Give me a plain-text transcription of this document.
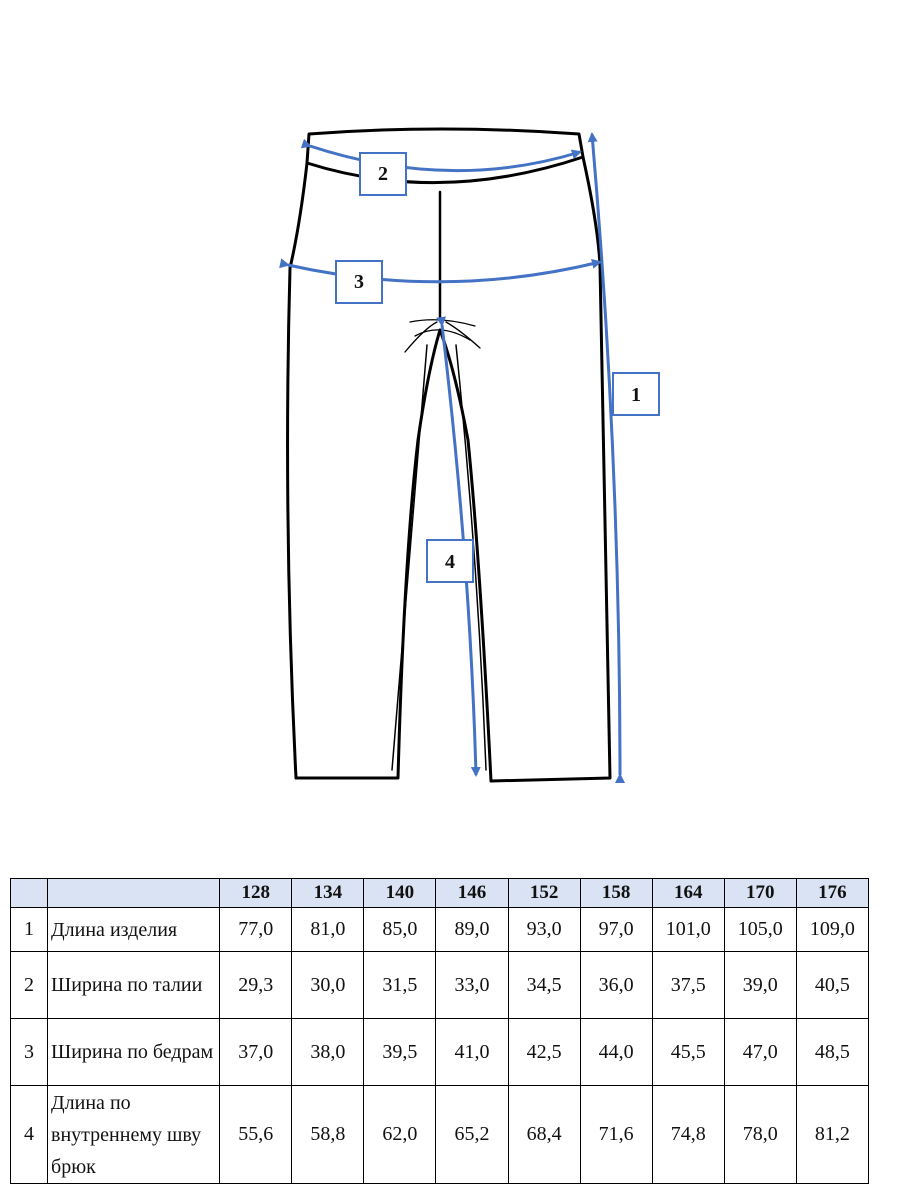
1
2
3
4
		128	134	140	146	152	158	164	170	176
1	Длина изделия	77,0	81,0	85,0	89,0	93,0	97,0	101,0	105,0	109,0
2	Ширина по талии	29,3	30,0	31,5	33,0	34,5	36,0	37,5	39,0	40,5
3	Ширина по бедрам	37,0	38,0	39,5	41,0	42,5	44,0	45,5	47,0	48,5
4	Длина по внутреннему шву брюк	55,6	58,8	62,0	65,2	68,4	71,6	74,8	78,0	81,2
